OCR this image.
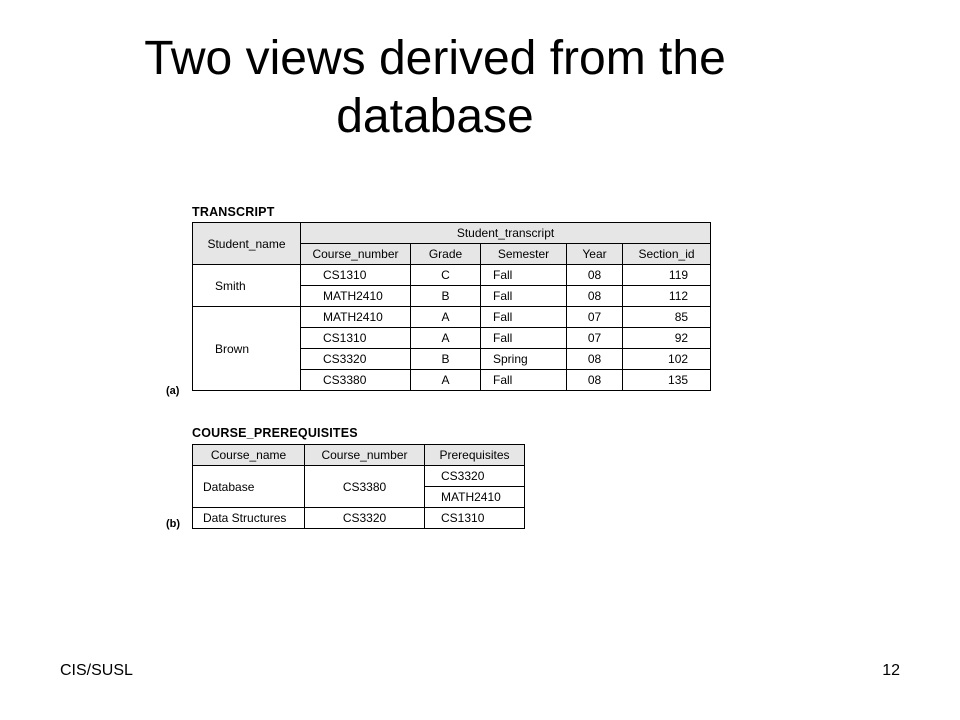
Two views derived from the database
TRANSCRIPT
(a)
Student_name	Student_transcript				
	Course_number	Grade	Semester	Year	Section_id
Smith	CS1310	C	Fall	08	119
	MATH2410	B	Fall	08	112
Brown	MATH2410	A	Fall	07	85
	CS1310	A	Fall	07	92
	CS3320	B	Spring	08	102
	CS3380	A	Fall	08	135
COURSE_PREREQUISITES
(b)
Course_name	Course_number	Prerequisites
Database	CS3380	CS3320
		MATH2410
Data Structures	CS3320	CS1310
CIS/SUSL	12
